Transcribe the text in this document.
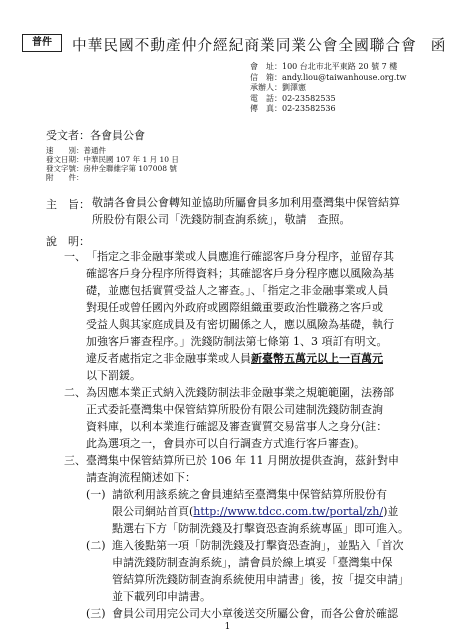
普件	中華民國不動產仲介經紀商業同業公會全國聯合會 函
會　址：100 台北市北平東路 20 號 7 樓
信　箱：andy.liou@taiwanhouse.org.tw
承辦人：劉澤憲
電　話：02-23582535
傳　真：02-23582536
受文者：各會員公會
速　　別：普通件
發文日期：中華民國 107 年 1 月 10 日
發文字號：房仲全聯維字第 107008 號
附　　件：
主　旨： 敬請各會員公會轉知並協助所屬會員多加利用臺灣集中保管結算
所股份有限公司「洗錢防制查詢系統」，敬請　查照。
說　明：
一、 「指定之非金融事業或人員應進行確認客戶身分程序，並留存其
確認客戶身分程序所得資料；其確認客戶身分程序應以風險為基
礎，並應包括實質受益人之審查。」、「指定之非金融事業或人員
對現任或曾任國內外政府或國際組織重要政治性職務之客戶或
受益人與其家庭成員及有密切關係之人，應以風險為基礎，執行
加強客戶審查程序。」洗錢防制法第七條第 1、3 項訂有明文。
違反者處指定之非金融事業或人員新臺幣五萬元以上一百萬元
以下罰鍰。
二、 為因應本業正式納入洗錢防制法非金融事業之規範範圍，法務部
正式委託臺灣集中保管結算所股份有限公司建制洗錢防制查詢
資料庫，以利本業進行確認及審查實質交易當事人之身分(註：
此為選項之一，會員亦可以自行調查方式進行客戶審查)。
三、 臺灣集中保管結算所已於 106 年 11 月開放提供查詢，茲針對申
請查詢流程簡述如下：
(一) 請欲利用該系統之會員連結至臺灣集中保管結算所股份有
限公司網站首頁(http://www.tdcc.com.tw/portal/zh/)並
點選右下方「防制洗錢及打擊資恐查詢系統專區」即可進入。
(二) 進入後點第一項「防制洗錢及打擊資恐查詢」，並點入「首次
申請洗錢防制查詢系統」，請會員於線上填妥「臺灣集中保
管結算所洗錢防制查詢系統使用申請書」後，按「提交申請」
並下載列印申請書。
(三) 會員公司用完公司大小章後送交所屬公會，而各公會於確認
1
